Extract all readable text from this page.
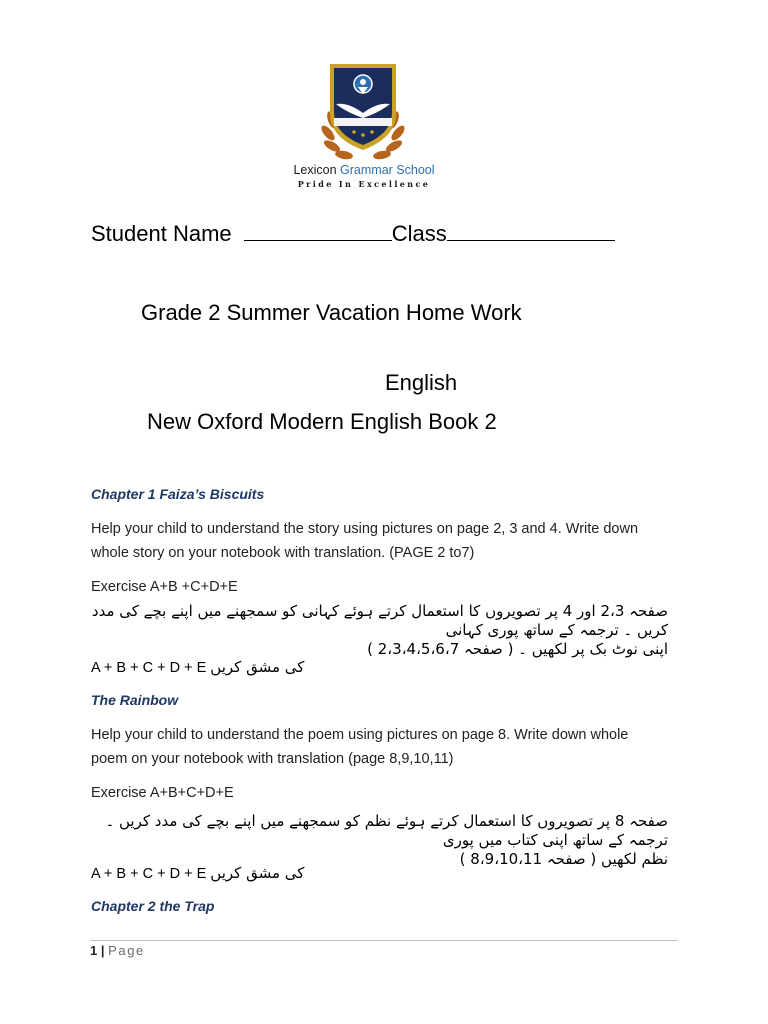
Lexicon Grammar School
Pride In Excellence
Student Name	Class
Grade 2 Summer Vacation Home Work
English
New Oxford Modern English Book 2
Chapter 1 Faiza’s Biscuits
Help your child to understand the story using pictures on page 2, 3 and 4. Write down whole story on your notebook with translation. (PAGE 2 to7)
Exercise A+B +C+D+E
صفحہ 2،3 اور 4 پر تصویروں کا استعمال کرتے ہوئے کہانی کو سمجھنے میں اپنے بچے کی مدد کریں ۔ ترجمہ کے ساتھ پوری کہانی
اپنی نوٹ بک پر لکھیں ۔ ( صفحہ 2،3،4،5،6،7 )
A + B + C + D + E کی مشق کریں
The Rainbow
Help your child to understand the poem using pictures on page 8. Write down whole poem on your notebook with translation (page 8,9,10,11)
Exercise A+B+C+D+E
صفحہ 8 پر تصویروں کا استعمال کرتے ہوئے نظم کو سمجھنے میں اپنے بچے کی مدد کریں ۔ ترجمہ کے ساتھ اپنی کتاب میں پوری
نظم لکھیں ( صفحہ 8،9،10،11 )
A + B + C + D + E کی مشق کریں
Chapter 2 the Trap
1 | Page
